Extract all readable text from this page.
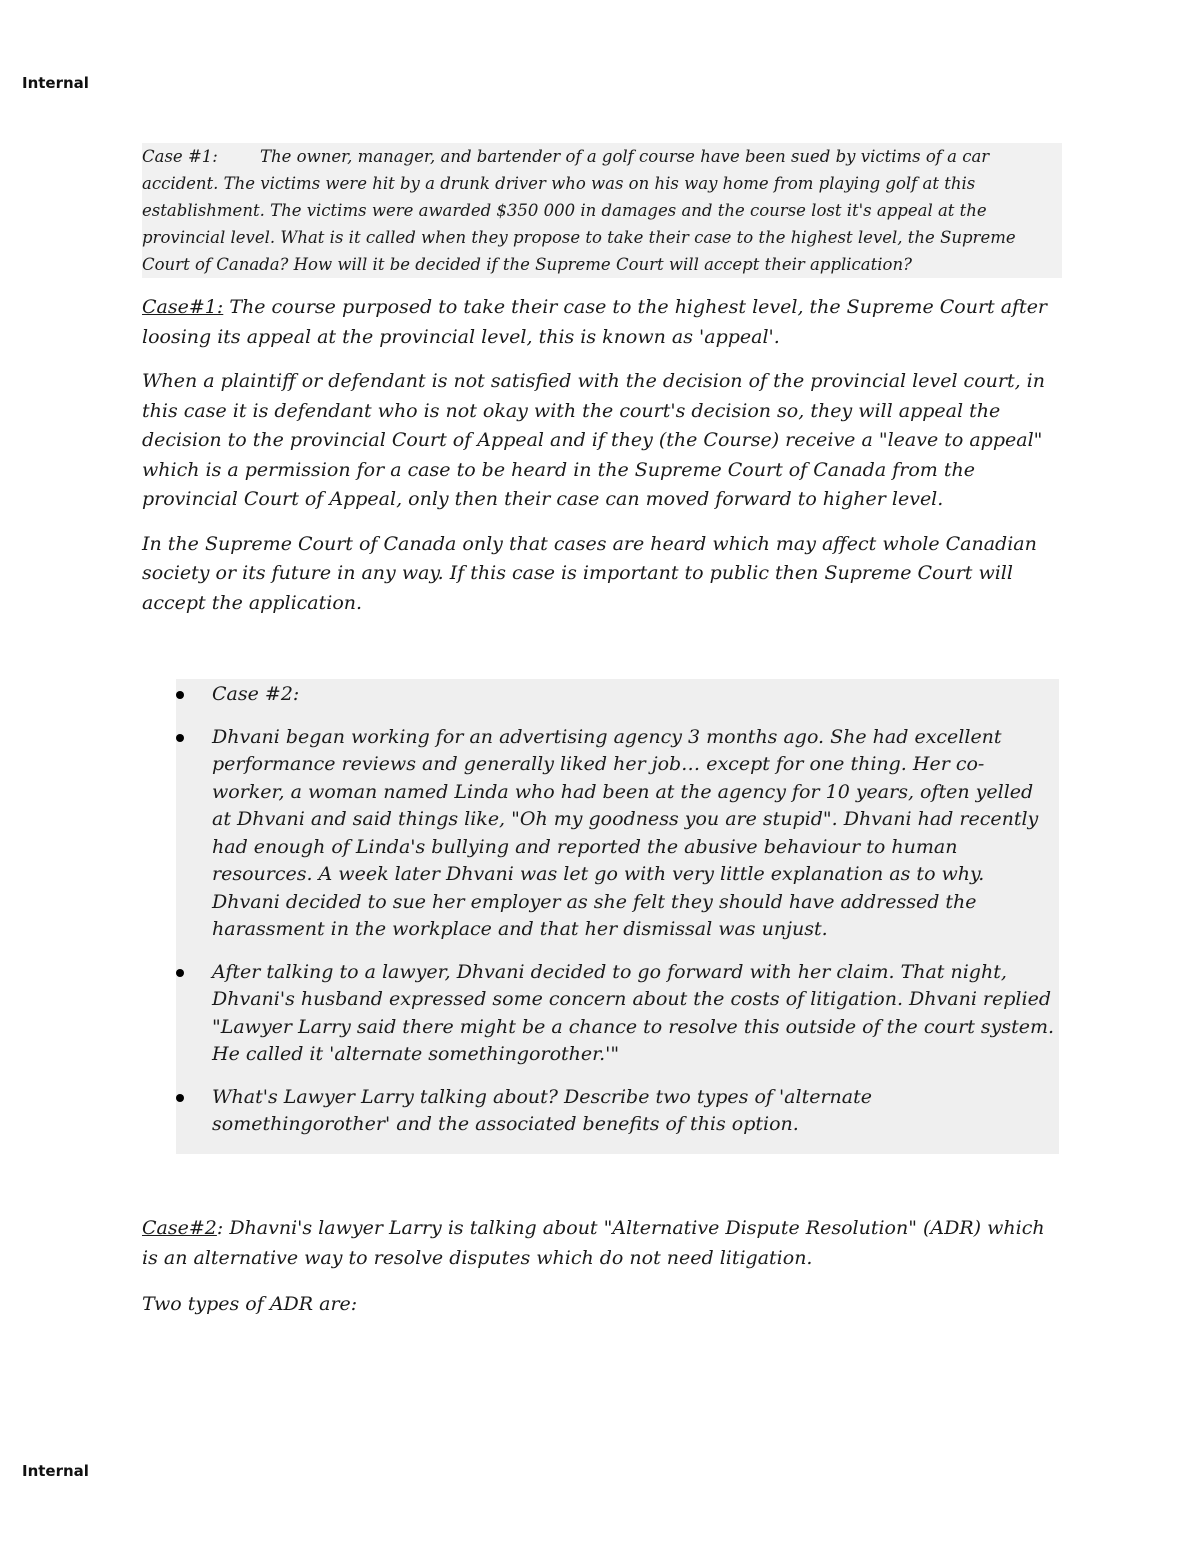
Internal
Case #1:	The owner, manager, and bartender of a golf course have been sued by victims of a car accident. The victims were hit by a drunk driver who was on his way home from playing golf at this establishment. The victims were awarded $350 000 in damages and the course lost it's appeal at the provincial level. What is it called when they propose to take their case to the highest level, the Supreme Court of Canada? How will it be decided if the Supreme Court will accept their application?

Case#1: The course purposed to take their case to the highest level, the Supreme Court after loosing its appeal at the provincial level, this is known as 'appeal'.

When a plaintiff or defendant is not satisfied with the decision of the provincial level court, in this case it is defendant who is not okay with the court's decision so, they will appeal the decision to the provincial Court of Appeal and if they (the Course) receive a "leave to appeal" which is a permission for a case to be heard in the Supreme Court of Canada from the provincial Court of Appeal, only then their case can moved forward to higher level.

In the Supreme Court of Canada only that cases are heard which may affect whole Canadian society or its future in any way. If this case is important to public then Supreme Court will accept the application.

Case #2:
Dhvani began working for an advertising agency 3 months ago. She had excellent performance reviews and generally liked her job… except for one thing. Her co-worker, a woman named Linda who had been at the agency for 10 years, often yelled at Dhvani and said things like, "Oh my goodness you are stupid". Dhvani had recently had enough of Linda's bullying and reported the abusive behaviour to human resources. A week later Dhvani was let go with very little explanation as to why. Dhvani decided to sue her employer as she felt they should have addressed the harassment in the workplace and that her dismissal was unjust.
After talking to a lawyer, Dhvani decided to go forward with her claim. That night, Dhvani's husband expressed some concern about the costs of litigation. Dhvani replied "Lawyer Larry said there might be a chance to resolve this outside of the court system. He called it 'alternate somethingorother.'"
What's Lawyer Larry talking about? Describe two types of 'alternate somethingorother' and the associated benefits of this option.

Case#2: Dhavni's lawyer Larry is talking about "Alternative Dispute Resolution" (ADR) which is an alternative way to resolve disputes which do not need litigation.

Two types of ADR are:

Internal
